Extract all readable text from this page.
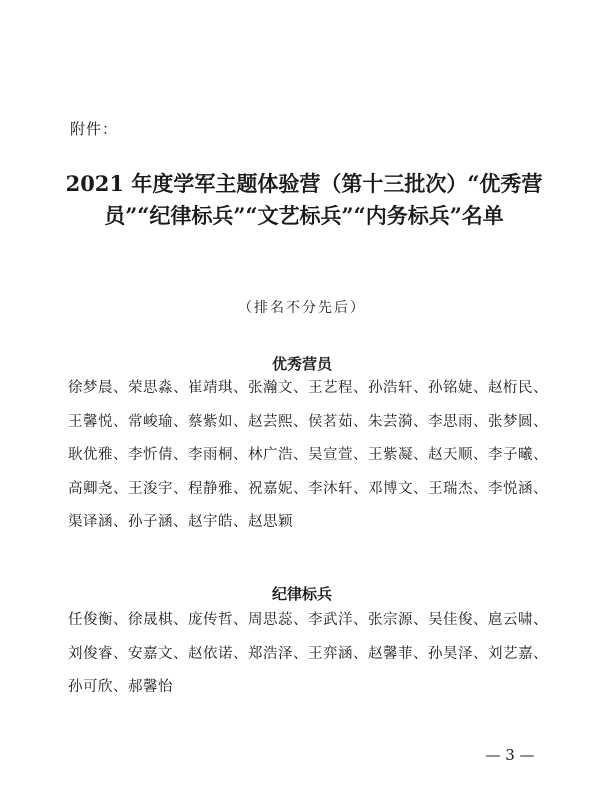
附件：
2021 年度学军主题体验营（第十三批次）“优秀营员”“纪律标兵”“文艺标兵”“内务标兵”名单
（排名不分先后）
优秀营员
徐梦晨、荣思淼、崔靖琪、张瀚文、王艺程、孙浩轩、孙铭婕、赵桁民、王馨悦、常峻瑜、蔡紫如、赵芸熙、侯茗茹、朱芸漪、李思雨、张梦圆、耿优雅、李忻倩、李雨桐、林广浩、吴宣萱、王紫凝、赵天顺、李子曦、高卿尧、王浚宇、程静雅、祝嘉妮、李沐轩、邓博文、王瑞杰、李悦涵、渠译涵、孙子涵、赵宇皓、赵思颖
纪律标兵
任俊衡、徐晟棋、庞传哲、周思蕊、李武洋、张宗源、吴佳俊、扈云啸、刘俊睿、安嘉文、赵依诺、郑浩泽、王弈涵、赵馨菲、孙昊泽、刘艺嘉、孙可欣、郝馨怡
— 3 —
